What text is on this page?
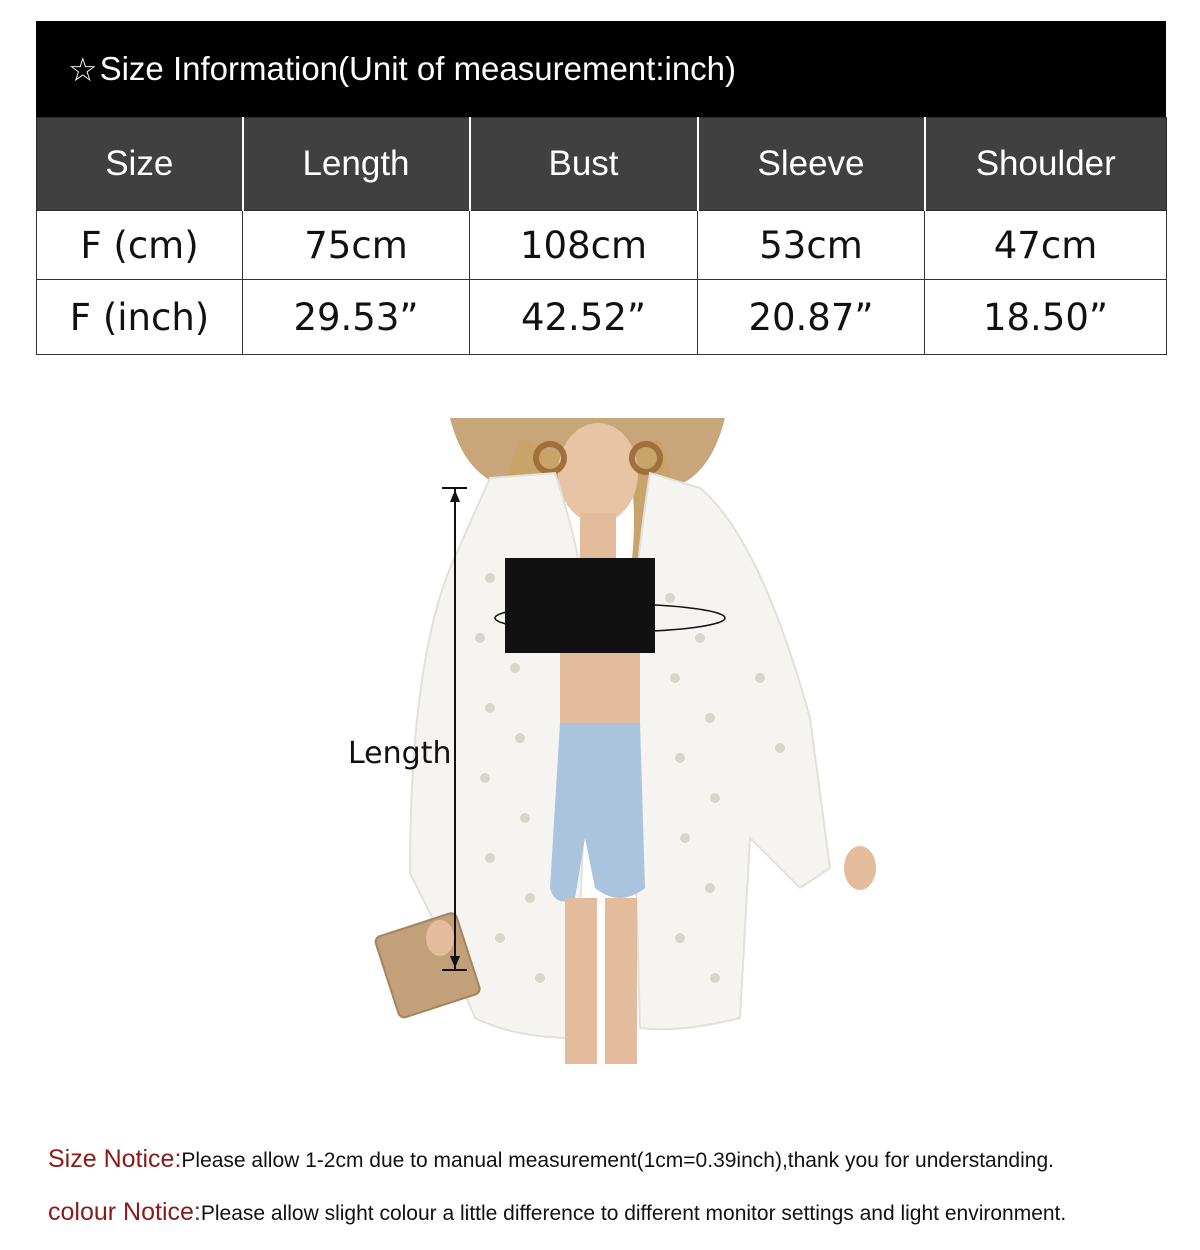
☆ Size Information(Unit of measurement:inch)
Size	Length	Bust	Sleeve	Shoulder
F (cm)	75cm	108cm	53cm	47cm
F (inch)	29.53”	42.52”	20.87”	18.50”
Bust
Length
Size Notice:Please allow 1-2cm due to manual measurement(1cm=0.39inch),thank you for understanding.
colour Notice:Please allow slight colour a little difference to different monitor settings and light environment.
